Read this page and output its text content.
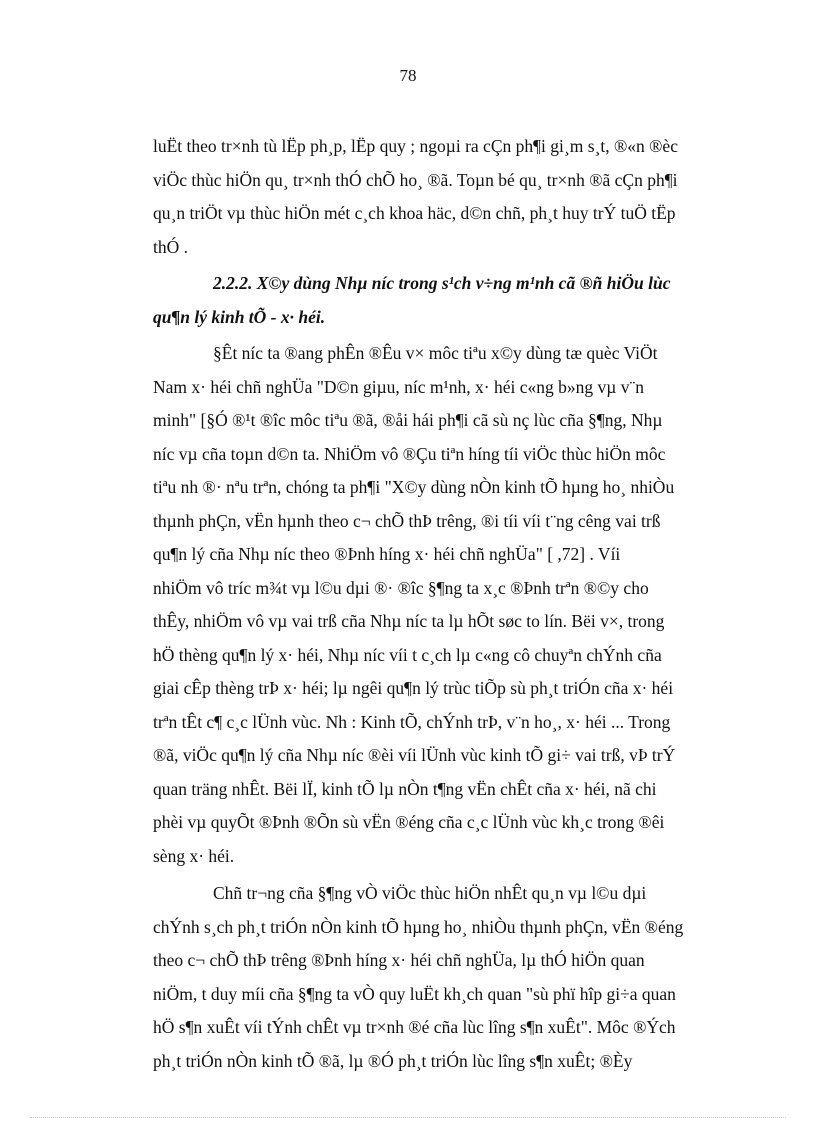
78
luËt theo tr×nh tù lËp ph¸p, lËp quy ; ngoµi ra cÇn ph¶i gi¸m s¸t, ®«n ®èc
viÖc thùc hiÖn qu¸ tr×nh thÓ chÕ ho¸ ®ã. Toµn bé qu¸ tr×nh ®ã cÇn ph¶i
qu¸n triÖt vµ thùc hiÖn mét c¸ch khoa häc, d©n chñ, ph¸t huy trÝ tuÖ tËp
thÓ .
2.2.2. X©y dùng Nhµ níc trong s¹ch v÷ng m¹nh cã ®ñ hiÖu lùc
qu¶n lý kinh tÕ - x· héi.
§Êt níc ta ®ang phÊn ®Êu v× môc tiªu x©y dùng tæ quèc ViÖt
Nam x· héi chñ nghÜa "D©n giµu, níc m¹nh, x· héi c«ng b»ng vµ v¨n
minh" [§Ó ®¹t ®îc môc tiªu ®ã, ®åi hái ph¶i cã sù nç lùc cña §¶ng, Nhµ
níc vµ cña toµn d©n ta. NhiÖm vô ®Çu tiªn híng tíi viÖc thùc hiÖn môc
tiªu nh ®· nªu trªn, chóng ta ph¶i "X©y dùng nÒn kinh tÕ hµng ho¸ nhiÒu
thµnh phÇn, vËn hµnh theo c¬ chÕ thÞ trêng, ®i tíi víi t¨ng cêng vai trß
qu¶n lý cña Nhµ níc theo ®Þnh híng x· héi chñ nghÜa" [ ,72] . Víi
nhiÖm vô tríc m¾t vµ l©u dµi ®· ®îc §¶ng ta x¸c ®Þnh trªn ®©y cho
thÊy, nhiÖm vô vµ vai trß cña Nhµ níc ta lµ hÕt søc to lín. Bëi v×, trong
hÖ thèng qu¶n lý x· héi, Nhµ níc víi t c¸ch lµ c«ng cô chuyªn chÝnh cña
giai cÊp thèng trÞ x· héi; lµ ngêi qu¶n lý trùc tiÕp sù ph¸t triÓn cña x· héi
trªn tÊt c¶ c¸c lÜnh vùc. Nh : Kinh tÕ, chÝnh trÞ, v¨n ho¸, x· héi ... Trong
®ã, viÖc qu¶n lý cña Nhµ níc ®èi víi lÜnh vùc kinh tÕ gi÷ vai trß, vÞ trÝ
quan träng nhÊt. Bëi lÏ, kinh tÕ lµ nÒn t¶ng vËn chÊt cña x· héi, nã chi
phèi vµ quyÕt ®Þnh ®Õn sù vËn ®éng cña c¸c lÜnh vùc kh¸c trong ®êi
sèng x· héi.
Chñ tr¬ng cña §¶ng vÒ viÖc thùc hiÖn nhÊt qu¸n vµ l©u dµi
chÝnh s¸ch ph¸t triÓn nÒn kinh tÕ hµng ho¸ nhiÒu thµnh phÇn, vËn ®éng
theo c¬ chÕ thÞ trêng ®Þnh híng x· héi chñ nghÜa, lµ thÓ hiÖn quan
niÖm, t duy míi cña §¶ng ta vÒ quy luËt kh¸ch quan "sù phï hîp gi÷a quan
hÖ s¶n xuÊt víi tÝnh chÊt vµ tr×nh ®é cña lùc lîng s¶n xuÊt". Môc ®Ých
ph¸t triÓn nÒn kinh tÕ ®ã, lµ ®Ó ph¸t triÓn lùc lîng s¶n xuÊt; ®Èy
